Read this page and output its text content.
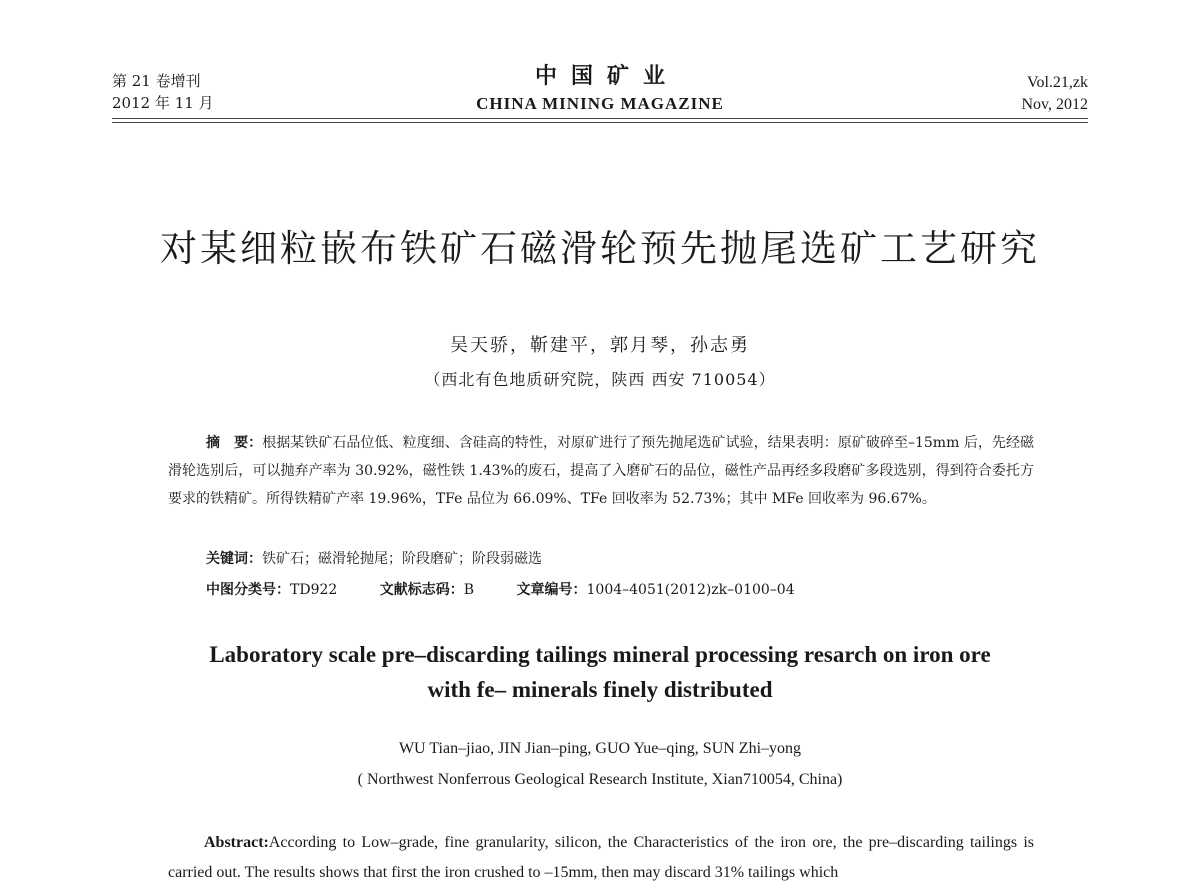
第 21 卷增刊
2012 年 11 月
中国矿业
CHINA MINING MAGAZINE
Vol.21,zk
Nov, 2012
对某细粒嵌布铁矿石磁滑轮预先抛尾选矿工艺研究
吴天骄，靳建平，郭月琴，孙志勇
（西北有色地质研究院，陕西 西安 710054）
摘　要：根据某铁矿石品位低、粒度细、含硅高的特性，对原矿进行了预先抛尾选矿试验，结果表明：原矿破碎至–15mm 后，先经磁滑轮选别后，可以抛弃产率为 30.92%，磁性铁 1.43%的废石，提高了入磨矿石的品位，磁性产品再经多段磨矿多段选别，得到符合委托方要求的铁精矿。所得铁精矿产率 19.96%，TFe 品位为 66.09%、TFe 回收率为 52.73%；其中 MFe 回收率为 96.67%。
关键词：铁矿石；磁滑轮抛尾；阶段磨矿；阶段弱磁选
中图分类号：TD922	文献标志码：B	文章编号：1004–4051(2012)zk–0100–04
Laboratory scale pre–discarding tailings mineral processing resarch on iron ore
with fe– minerals finely distributed
WU Tian–jiao, JIN Jian–ping, GUO Yue–qing, SUN Zhi–yong
( Northwest Nonferrous Geological Research Institute, Xian710054, China)
Abstract:According to Low–grade, fine granularity, silicon, the Characteristics of the iron ore, the pre–discarding tailings is carried out. The results shows that first the iron crushed to –15mm, then may discard 31% tailings which
